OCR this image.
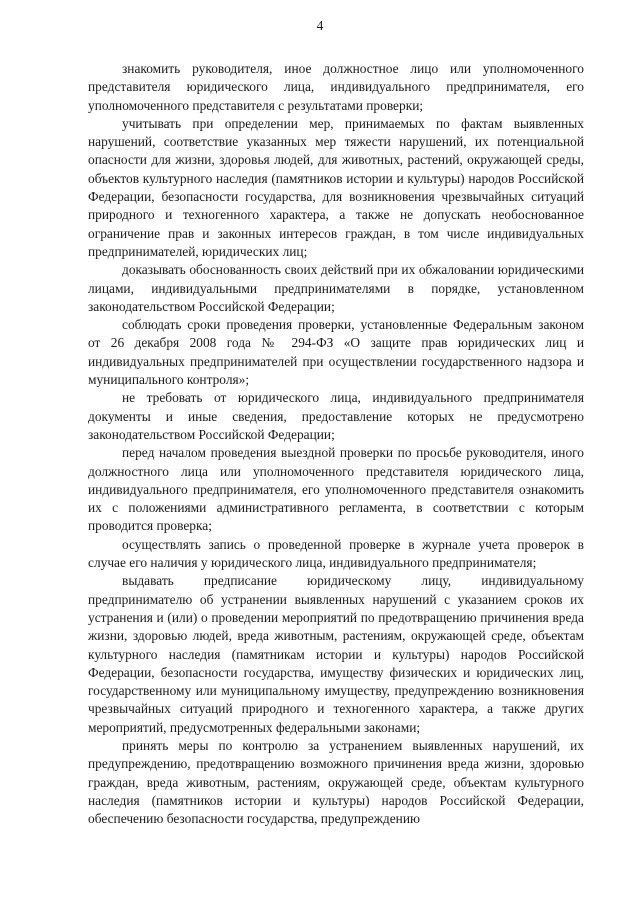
4

знакомить руководителя, иное должностное лицо или уполномоченного представителя юридического лица, индивидуального предпринимателя, его уполномоченного представителя с результатами проверки;

учитывать при определении мер, принимаемых по фактам выявленных нарушений, соответствие указанных мер тяжести нарушений, их потенциальной опасности для жизни, здоровья людей, для животных, растений, окружающей среды, объектов культурного наследия (памятников истории и культуры) народов Российской Федерации, безопасности государства, для возникновения чрезвычайных ситуаций природного и техногенного характера, а также не допускать необоснованное ограничение прав и законных интересов граждан, в том числе индивидуальных предпринимателей, юридических лиц;

доказывать обоснованность своих действий при их обжаловании юридическими лицами, индивидуальными предпринимателями в порядке, установленном законодательством Российской Федерации;

соблюдать сроки проведения проверки, установленные Федеральным законом от 26 декабря 2008 года № 294-ФЗ «О защите прав юридических лиц и индивидуальных предпринимателей при осуществлении государственного надзора и муниципального контроля»;

не требовать от юридического лица, индивидуального предпринимателя документы и иные сведения, предоставление которых не предусмотрено законодательством Российской Федерации;

перед началом проведения выездной проверки по просьбе руководителя, иного должностного лица или уполномоченного представителя юридического лица, индивидуального предпринимателя, его уполномоченного представителя ознакомить их с положениями административного регламента, в соответствии с которым проводится проверка;

осуществлять запись о проведенной проверке в журнале учета проверок в случае его наличия у юридического лица, индивидуального предпринимателя;

выдавать предписание юридическому лицу, индивидуальному предпринимателю об устранении выявленных нарушений с указанием сроков их устранения и (или) о проведении мероприятий по предотвращению причинения вреда жизни, здоровью людей, вреда животным, растениям, окружающей среде, объектам культурного наследия (памятникам истории и культуры) народов Российской Федерации, безопасности государства, имуществу физических и юридических лиц, государственному или муниципальному имуществу, предупреждению возникновения чрезвычайных ситуаций природного и техногенного характера, а также других мероприятий, предусмотренных федеральными законами;

принять меры по контролю за устранением выявленных нарушений, их предупреждению, предотвращению возможного причинения вреда жизни, здоровью граждан, вреда животным, растениям, окружающей среде, объектам культурного наследия (памятников истории и культуры) народов Российской Федерации, обеспечению безопасности государства, предупреждению
